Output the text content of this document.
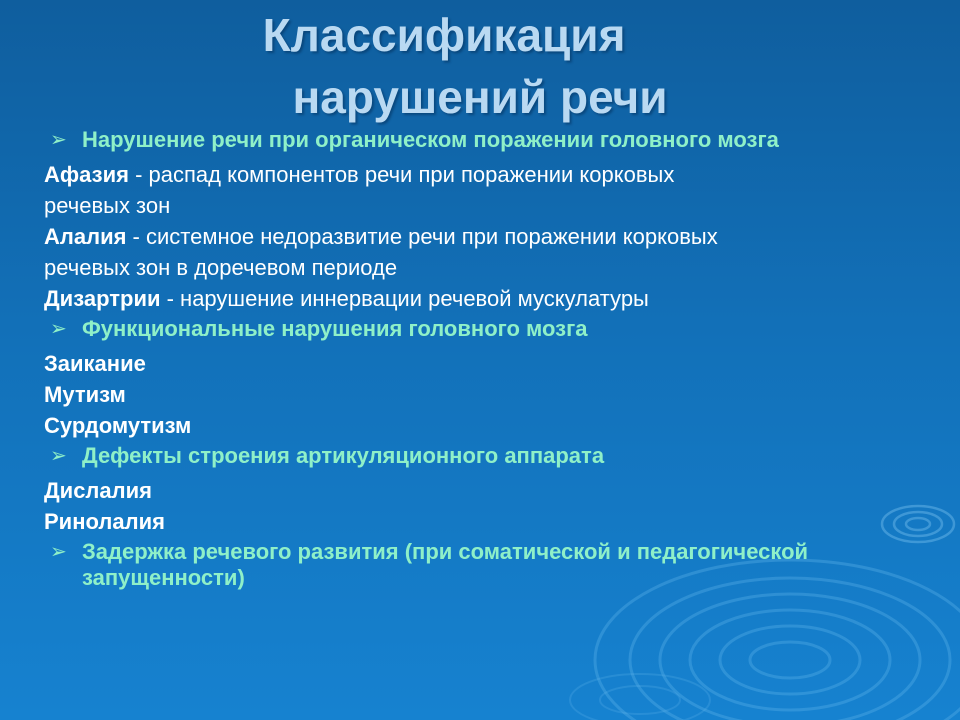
Классификация
нарушений речи
➢ Нарушение речи при органическом поражении головного мозга
Афазия - распад компонентов речи при поражении корковых
речевых зон
Алалия - системное недоразвитие речи при поражении корковых
речевых зон в доречевом периоде
Дизартрии - нарушение иннервации речевой мускулатуры
➢ Функциональные нарушения головного мозга
Заикание
Мутизм
Сурдомутизм
➢ Дефекты строения артикуляционного аппарата
Дислалия
Ринолалия
➢ Задержка речевого развития (при соматической и педагогической запущенности)
